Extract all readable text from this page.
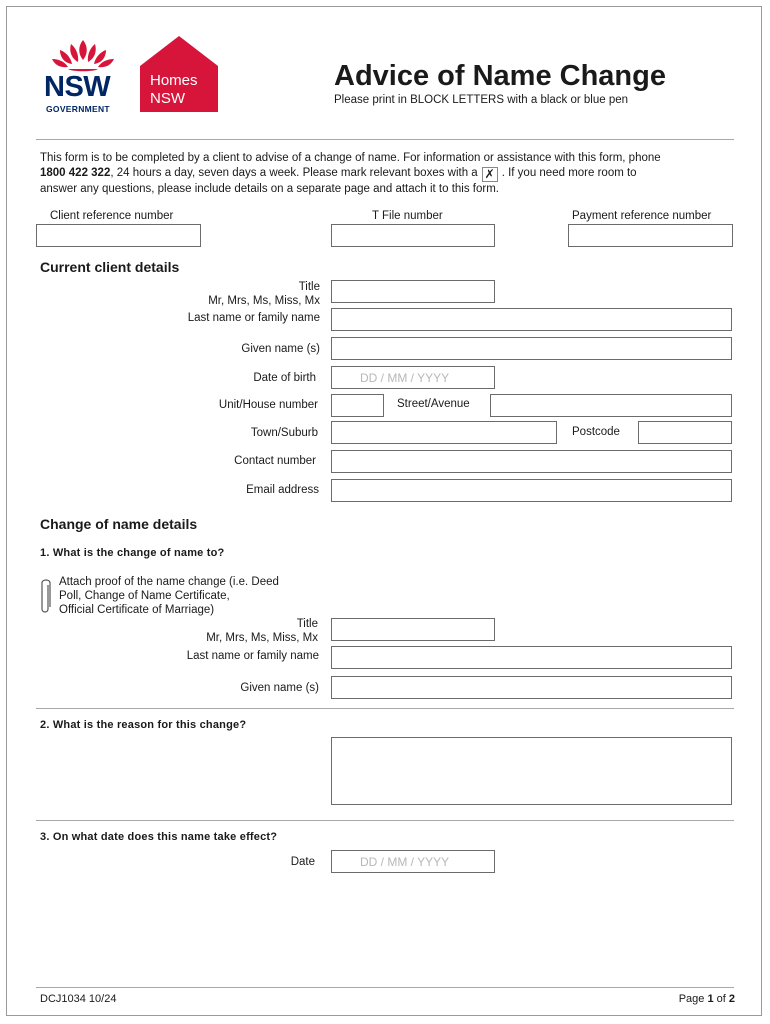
NSW
GOVERNMENT
Homes
NSW
Advice of Name Change
Please print in BLOCK LETTERS with a black or blue pen
This form is to be completed by a client to advise of a change of name. For information or assistance with this form, phone
1800 422 322, 24 hours a day, seven days a week. Please mark relevant boxes with a ✗ . If you need more room to
answer any questions, please include details on a separate page and attach it to this form.
Client reference number	T File number	Payment reference number
Current client details
Title
Mr, Mrs, Ms, Miss, Mx
Last name or family name
Given name (s)
Date of birth	DD / MM / YYYY
Unit/House number	Street/Avenue
Town/Suburb	Postcode
Contact number
Email address
Change of name details
1. What is the change of name to?
Attach proof of the name change (i.e. Deed
Poll, Change of Name Certificate,
Official Certificate of Marriage)
Title
Mr, Mrs, Ms, Miss, Mx
Last name or family name
Given name (s)
2. What is the reason for this change?
3. On what date does this name take effect?
Date	DD / MM / YYYY
DCJ1034 10/24	Page 1 of 2
